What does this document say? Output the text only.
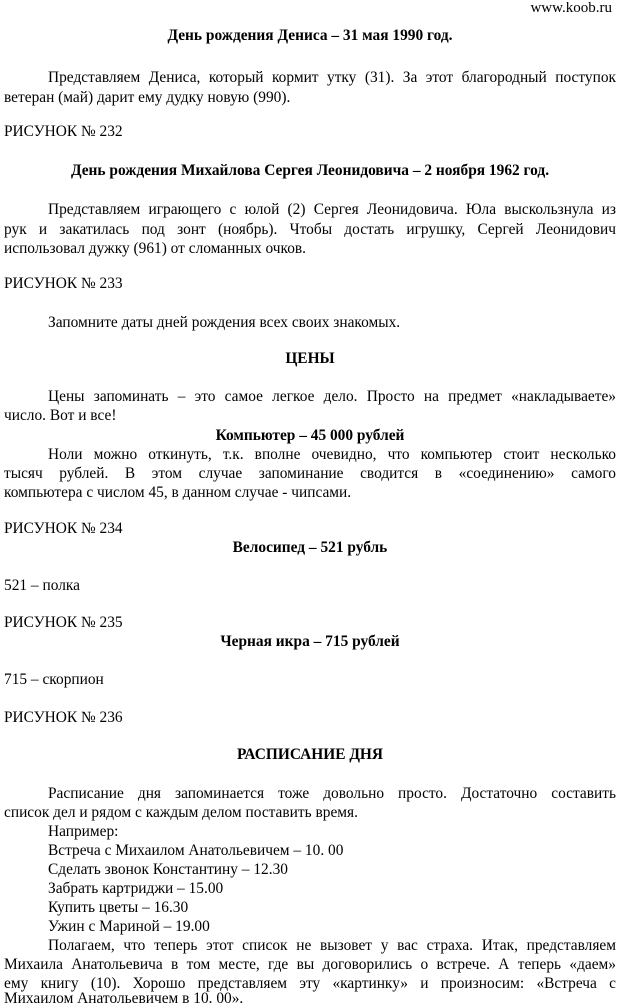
www.koob.ru
День рождения Дениса – 31 мая 1990 год.
Представляем Дениса, который кормит утку (31). За этот благородный поступок
ветеран (май) дарит ему дудку новую (990).
РИСУНОК № 232
День рождения Михайлова Сергея Леонидовича – 2 ноября 1962 год.
Представляем играющего с юлой (2) Сергея Леонидовича. Юла выскользнула из
рук и закатилась под зонт (ноябрь). Чтобы достать игрушку, Сергей Леонидович
использовал дужку (961) от сломанных очков.
РИСУНОК № 233
Запомните даты дней рождения всех своих знакомых.
ЦЕНЫ
Цены запоминать – это самое легкое дело. Просто на предмет «накладываете»
число. Вот и все!
Компьютер – 45 000 рублей
Ноли можно откинуть, т.к. вполне очевидно, что компьютер стоит несколько
тысяч рублей. В этом случае запоминание сводится в «соединению» самого
компьютера с числом 45, в данном случае - чипсами.
РИСУНОК № 234
Велосипед – 521 рубль
521 – полка
РИСУНОК № 235
Черная икра – 715 рублей
715 – скорпион
РИСУНОК № 236
РАСПИСАНИЕ ДНЯ
Расписание дня запоминается тоже довольно просто. Достаточно составить
список дел и рядом с каждым делом поставить время.
Например:
Встреча с Михаилом Анатольевичем – 10. 00
Сделать звонок Константину – 12.30
Забрать картриджи – 15.00
Купить цветы – 16.30
Ужин с Мариной – 19.00
Полагаем, что теперь этот список не вызовет у вас страха. Итак, представляем
Михаила Анатольевича в том месте, где вы договорились о встрече. А теперь «даем»
ему книгу (10). Хорошо представляем эту «картинку» и произносим: «Встреча с
Михаилом Анатольевичем в 10. 00».
